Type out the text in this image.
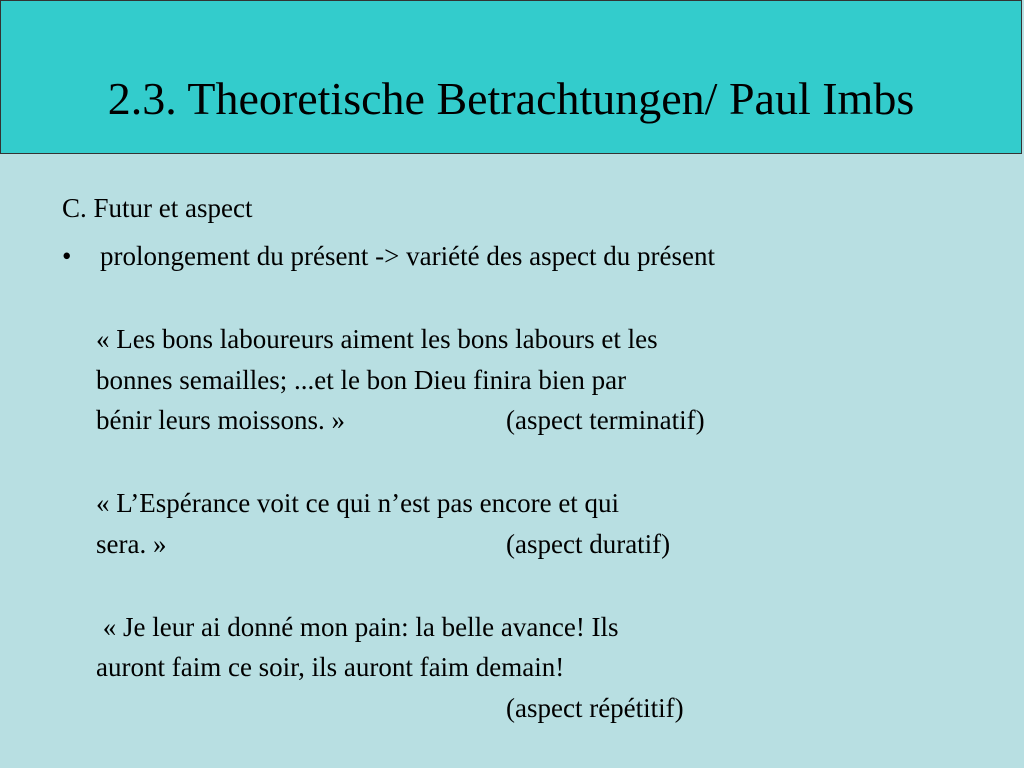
2.3. Theoretische Betrachtungen/ Paul Imbs
C. Futur et aspect
• prolongement du présent -> variété des aspect du présent
« Les bons laboureurs aiment les bons labours et les
bonnes semailles; ...et le bon Dieu finira bien par
bénir leurs moissons. »	(aspect terminatif)
« L’Espérance voit ce qui n’est pas encore et qui
sera. »	(aspect duratif)
« Je leur ai donné mon pain: la belle avance! Ils
auront faim ce soir, ils auront faim demain!
(aspect répétitif)
